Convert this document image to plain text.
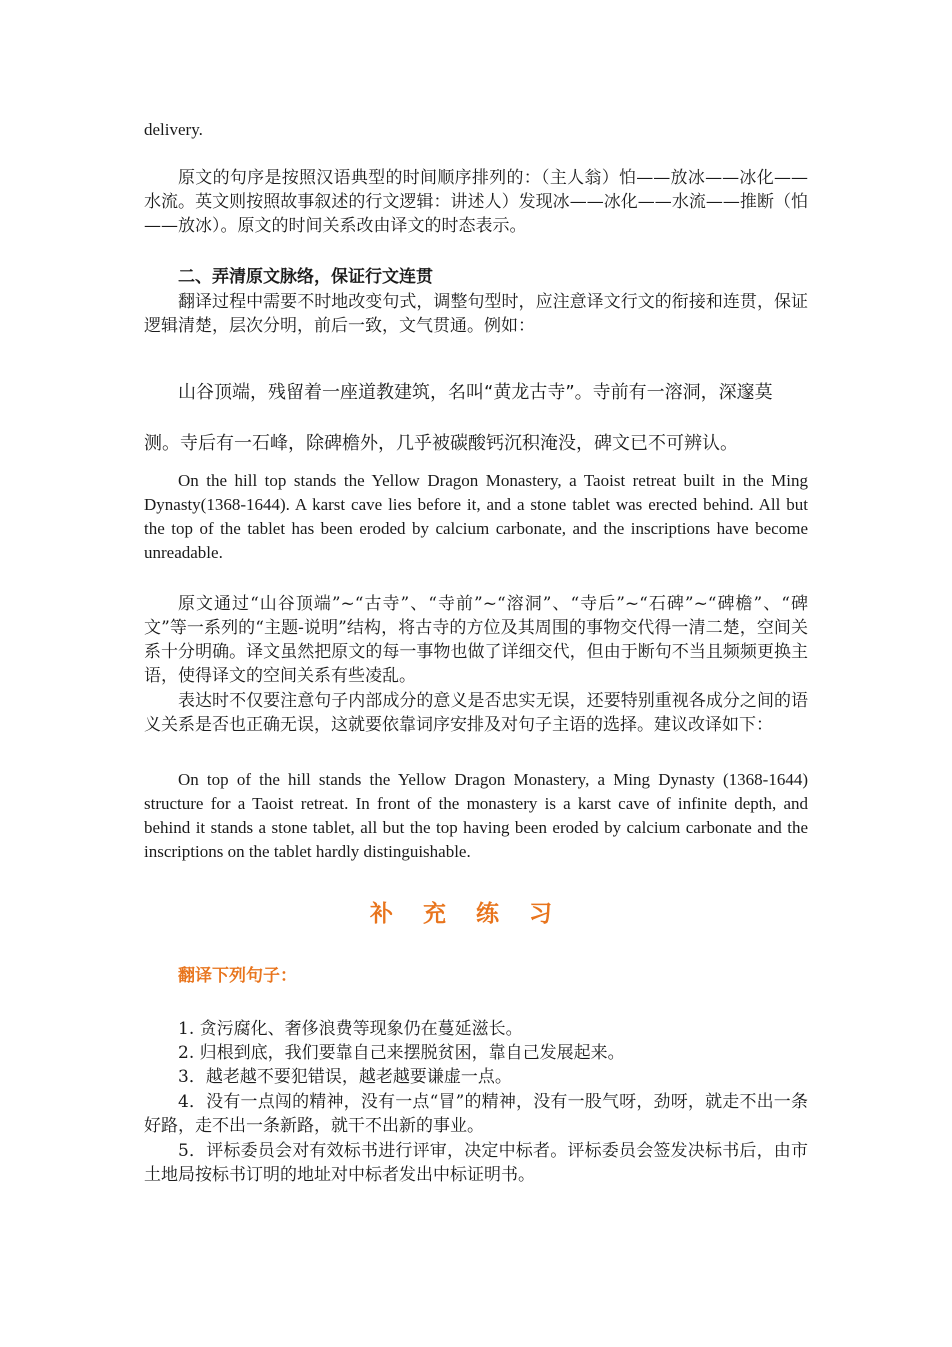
delivery.

原文的句序是按照汉语典型的时间顺序排列的：（主人翁）怕——放冰——冰化——水流。英文则按照故事叙述的行文逻辑：讲述人）发现冰——冰化——水流——推断（怕——放冰）。原文的时间关系改由译文的时态表示。

二、弄清原文脉络，保证行文连贯

翻译过程中需要不时地改变句式，调整句型时，应注意译文行文的衔接和连贯，保证逻辑清楚，层次分明，前后一致，文气贯通。例如：

山谷顶端，残留着一座道教建筑，名叫“黄龙古寺”。寺前有一溶洞，深邃莫

测。寺后有一石峰，除碑檐外，几乎被碳酸钙沉积淹没，碑文已不可辨认。

On the hill top stands the Yellow Dragon Monastery, a Taoist retreat built in the Ming Dynasty(1368-1644). A karst cave lies before it, and a stone tablet was erected behind. All but the top of the tablet has been eroded by calcium carbonate, and the inscriptions have become unreadable.

原文通过“山谷顶端”~“古寺”、“寺前”~“溶洞”、“寺后”~“石碑”~“碑檐”、“碑文”等一系列的“主题-说明”结构，将古寺的方位及其周围的事物交代得一清二楚，空间关系十分明确。译文虽然把原文的每一事物也做了详细交代，但由于断句不当且频频更换主语，使得译文的空间关系有些凌乱。

表达时不仅要注意句子内部成分的意义是否忠实无误，还要特别重视各成分之间的语义关系是否也正确无误，这就要依靠词序安排及对句子主语的选择。建议改译如下：

On top of the hill stands the Yellow Dragon Monastery, a Ming Dynasty (1368-1644) structure for a Taoist retreat. In front of the monastery is a karst cave of infinite depth, and behind it stands a stone tablet, all but the top having been eroded by calcium carbonate and the inscriptions on the tablet hardly distinguishable.

补充练习

翻译下列句子：

1. 贪污腐化、奢侈浪费等现象仍在蔓延滋长。

2. 归根到底，我们要靠自己来摆脱贫困，靠自己发展起来。

3．越老越不要犯错误，越老越要谦虚一点。

4．没有一点闯的精神，没有一点“冒”的精神，没有一股气呀，劲呀，就走不出一条好路，走不出一条新路，就干不出新的事业。

5．评标委员会对有效标书进行评审，决定中标者。评标委员会签发决标书后，由市土地局按标书订明的地址对中标者发出中标证明书。
